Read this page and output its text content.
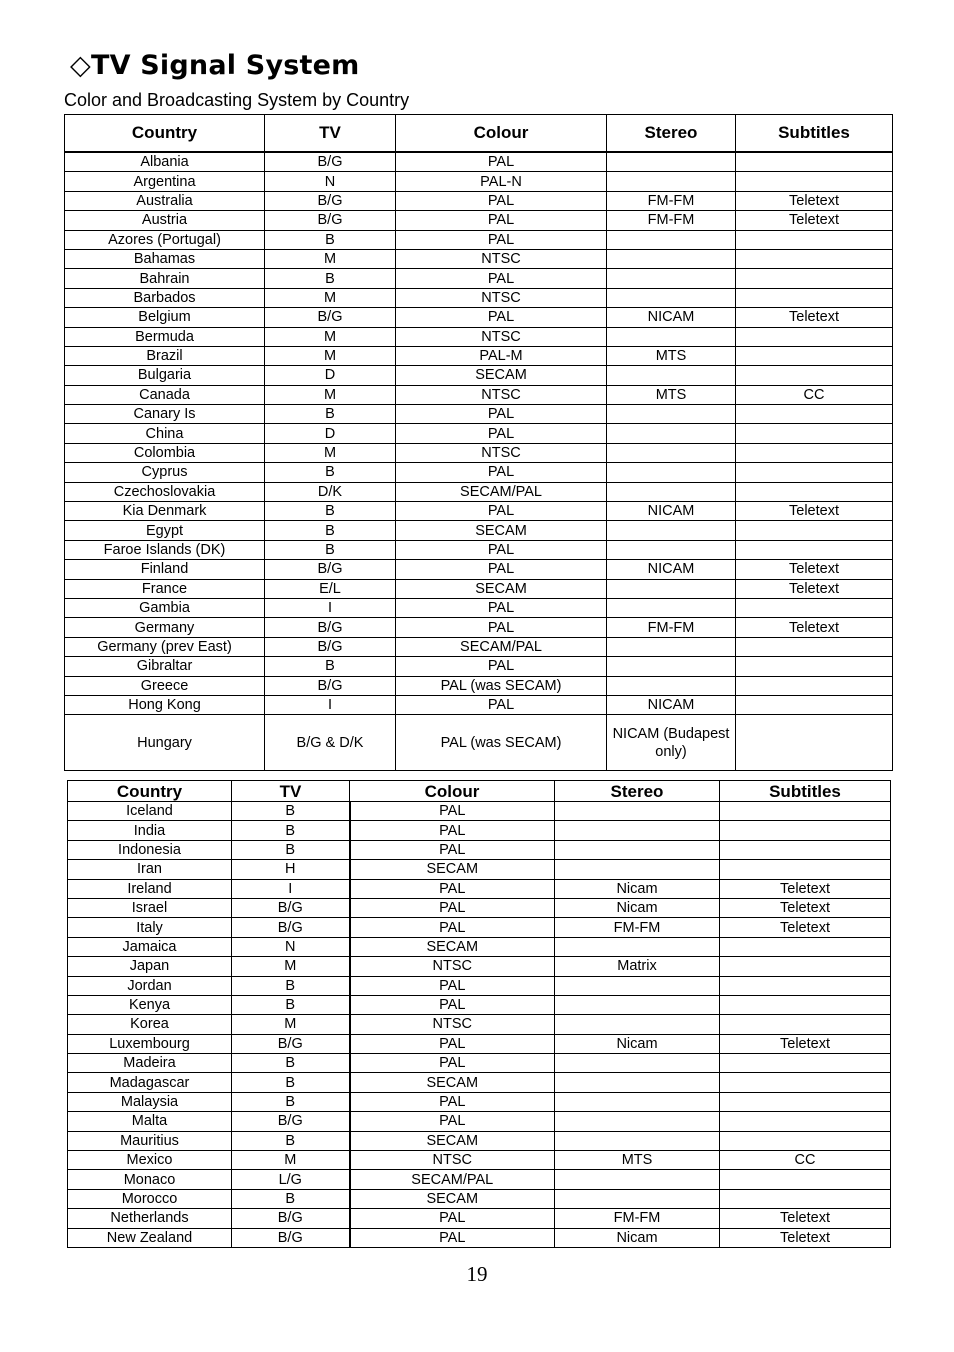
◇TV Signal System
Color and Broadcasting System by Country
Country	TV	Colour	Stereo	Subtitles
Albania	B/G	PAL		
Argentina	N	PAL-N		
Australia	B/G	PAL	FM-FM	Teletext
Austria	B/G	PAL	FM-FM	Teletext
Azores (Portugal)	B	PAL		
Bahamas	M	NTSC		
Bahrain	B	PAL		
Barbados	M	NTSC		
Belgium	B/G	PAL	NICAM	Teletext
Bermuda	M	NTSC		
Brazil	M	PAL-M	MTS	
Bulgaria	D	SECAM		
Canada	M	NTSC	MTS	CC
Canary Is	B	PAL		
China	D	PAL		
Colombia	M	NTSC		
Cyprus	B	PAL		
Czechoslovakia	D/K	SECAM/PAL		
Kia Denmark	B	PAL	NICAM	Teletext
Egypt	B	SECAM		
Faroe Islands (DK)	B	PAL		
Finland	B/G	PAL	NICAM	Teletext
France	E/L	SECAM		Teletext
Gambia	I	PAL		
Germany	B/G	PAL	FM-FM	Teletext
Germany (prev East)	B/G	SECAM/PAL		
Gibraltar	B	PAL		
Greece	B/G	PAL (was SECAM)		
Hong Kong	I	PAL	NICAM	
Hungary	B/G & D/K	PAL (was SECAM)	NICAM (Budapest only)	
Country	TV	Colour	Stereo	Subtitles
Iceland	B	PAL		
India	B	PAL		
Indonesia	B	PAL		
Iran	H	SECAM		
Ireland	I	PAL	Nicam	Teletext
Israel	B/G	PAL	Nicam	Teletext
Italy	B/G	PAL	FM-FM	Teletext
Jamaica	N	SECAM		
Japan	M	NTSC	Matrix	
Jordan	B	PAL		
Kenya	B	PAL		
Korea	M	NTSC		
Luxembourg	B/G	PAL	Nicam	Teletext
Madeira	B	PAL		
Madagascar	B	SECAM		
Malaysia	B	PAL		
Malta	B/G	PAL		
Mauritius	B	SECAM		
Mexico	M	NTSC	MTS	CC
Monaco	L/G	SECAM/PAL		
Morocco	B	SECAM		
Netherlands	B/G	PAL	FM-FM	Teletext
New Zealand	B/G	PAL	Nicam	Teletext
19
